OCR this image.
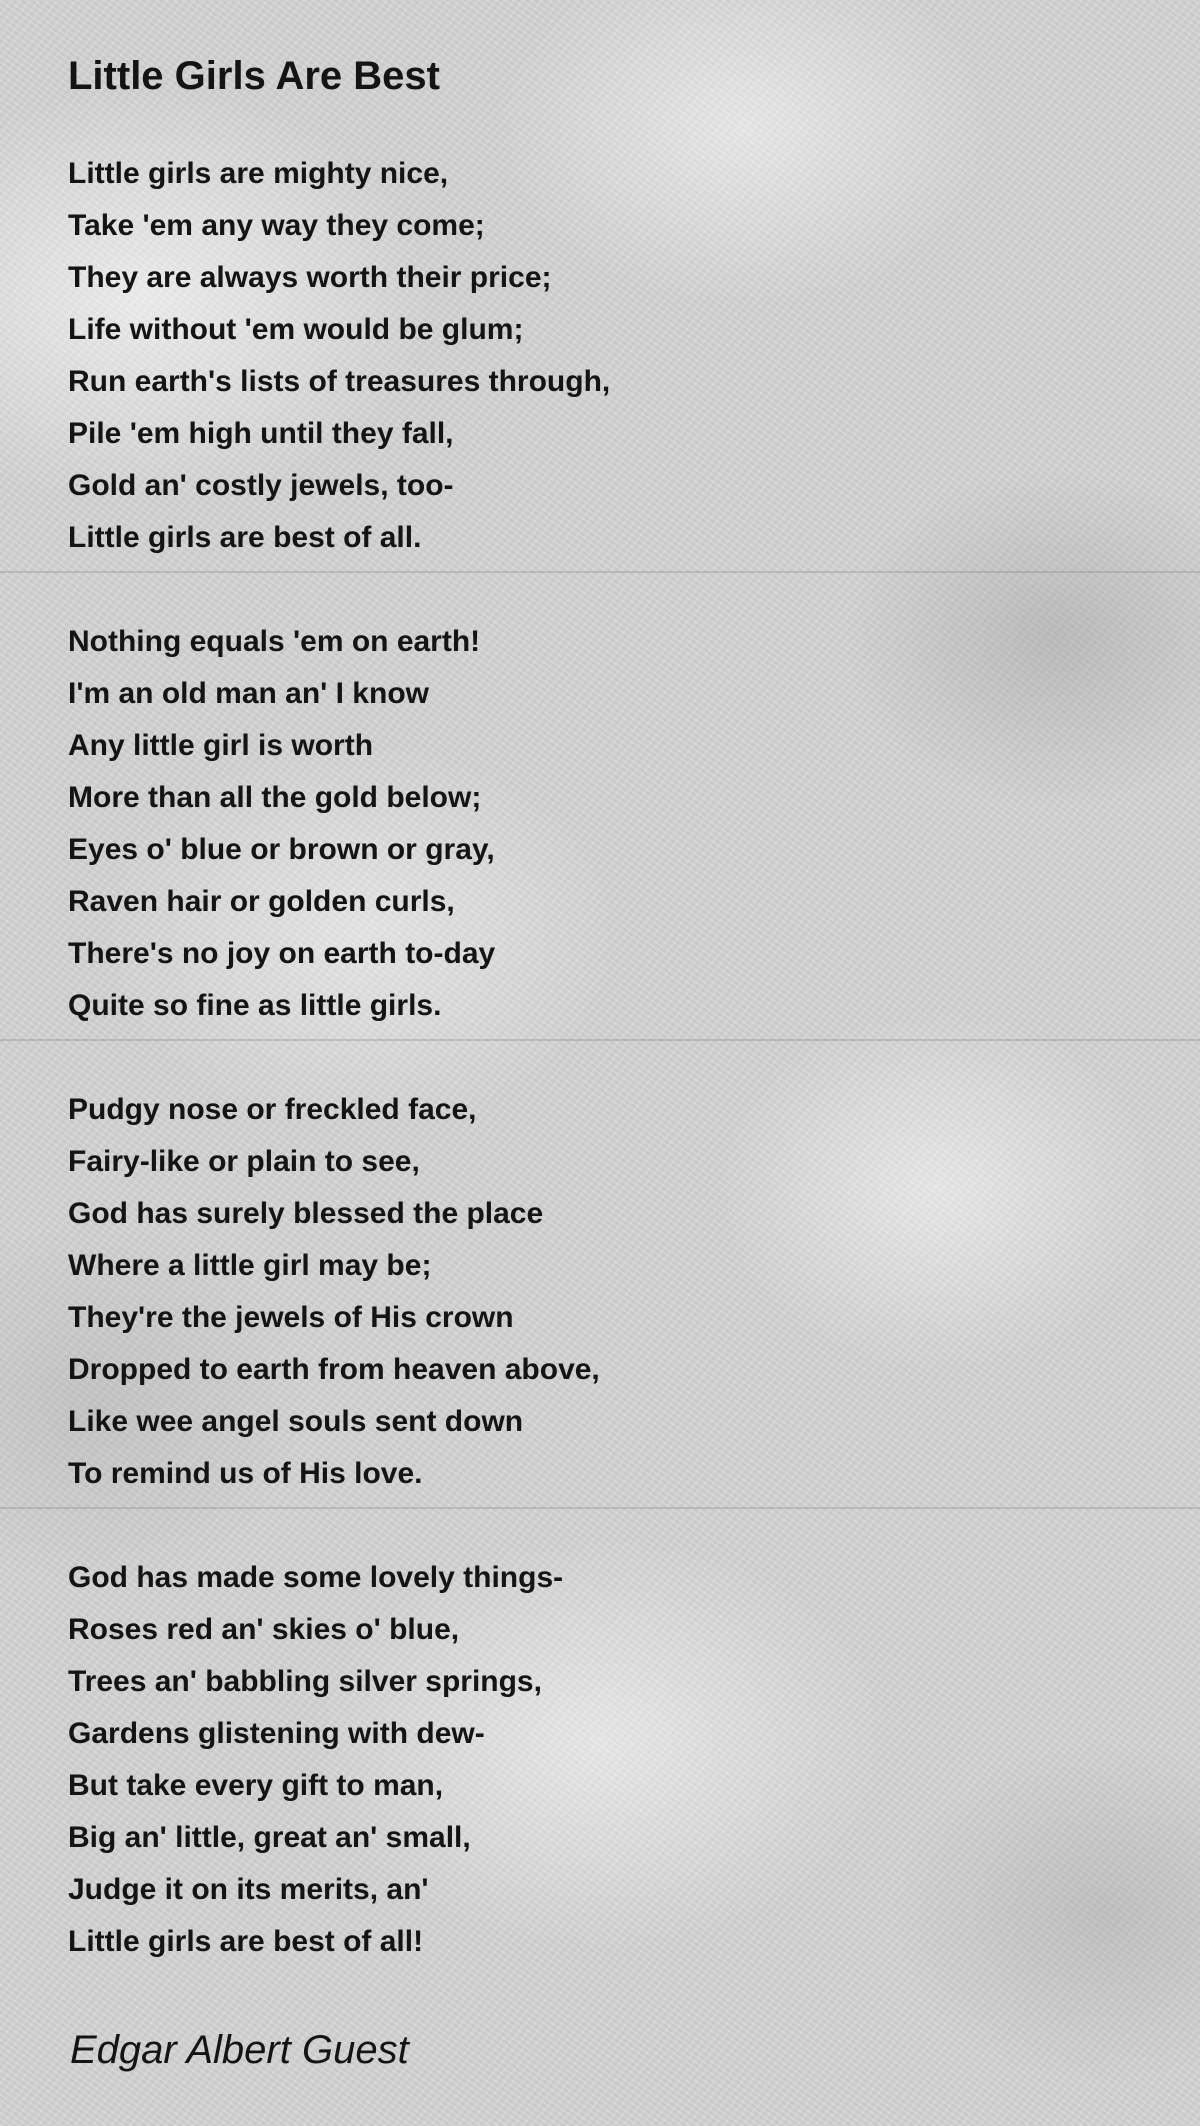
Little Girls Are Best
Little girls are mighty nice,
Take 'em any way they come;
They are always worth their price;
Life without 'em would be glum;
Run earth's lists of treasures through,
Pile 'em high until they fall,
Gold an' costly jewels, too-
Little girls are best of all.
Nothing equals 'em on earth!
I'm an old man an' I know
Any little girl is worth
More than all the gold below;
Eyes o' blue or brown or gray,
Raven hair or golden curls,
There's no joy on earth to-day
Quite so fine as little girls.
Pudgy nose or freckled face,
Fairy-like or plain to see,
God has surely blessed the place
Where a little girl may be;
They're the jewels of His crown
Dropped to earth from heaven above,
Like wee angel souls sent down
To remind us of His love.
God has made some lovely things-
Roses red an' skies o' blue,
Trees an' babbling silver springs,
Gardens glistening with dew-
But take every gift to man,
Big an' little, great an' small,
Judge it on its merits, an'
Little girls are best of all!
Edgar Albert Guest
